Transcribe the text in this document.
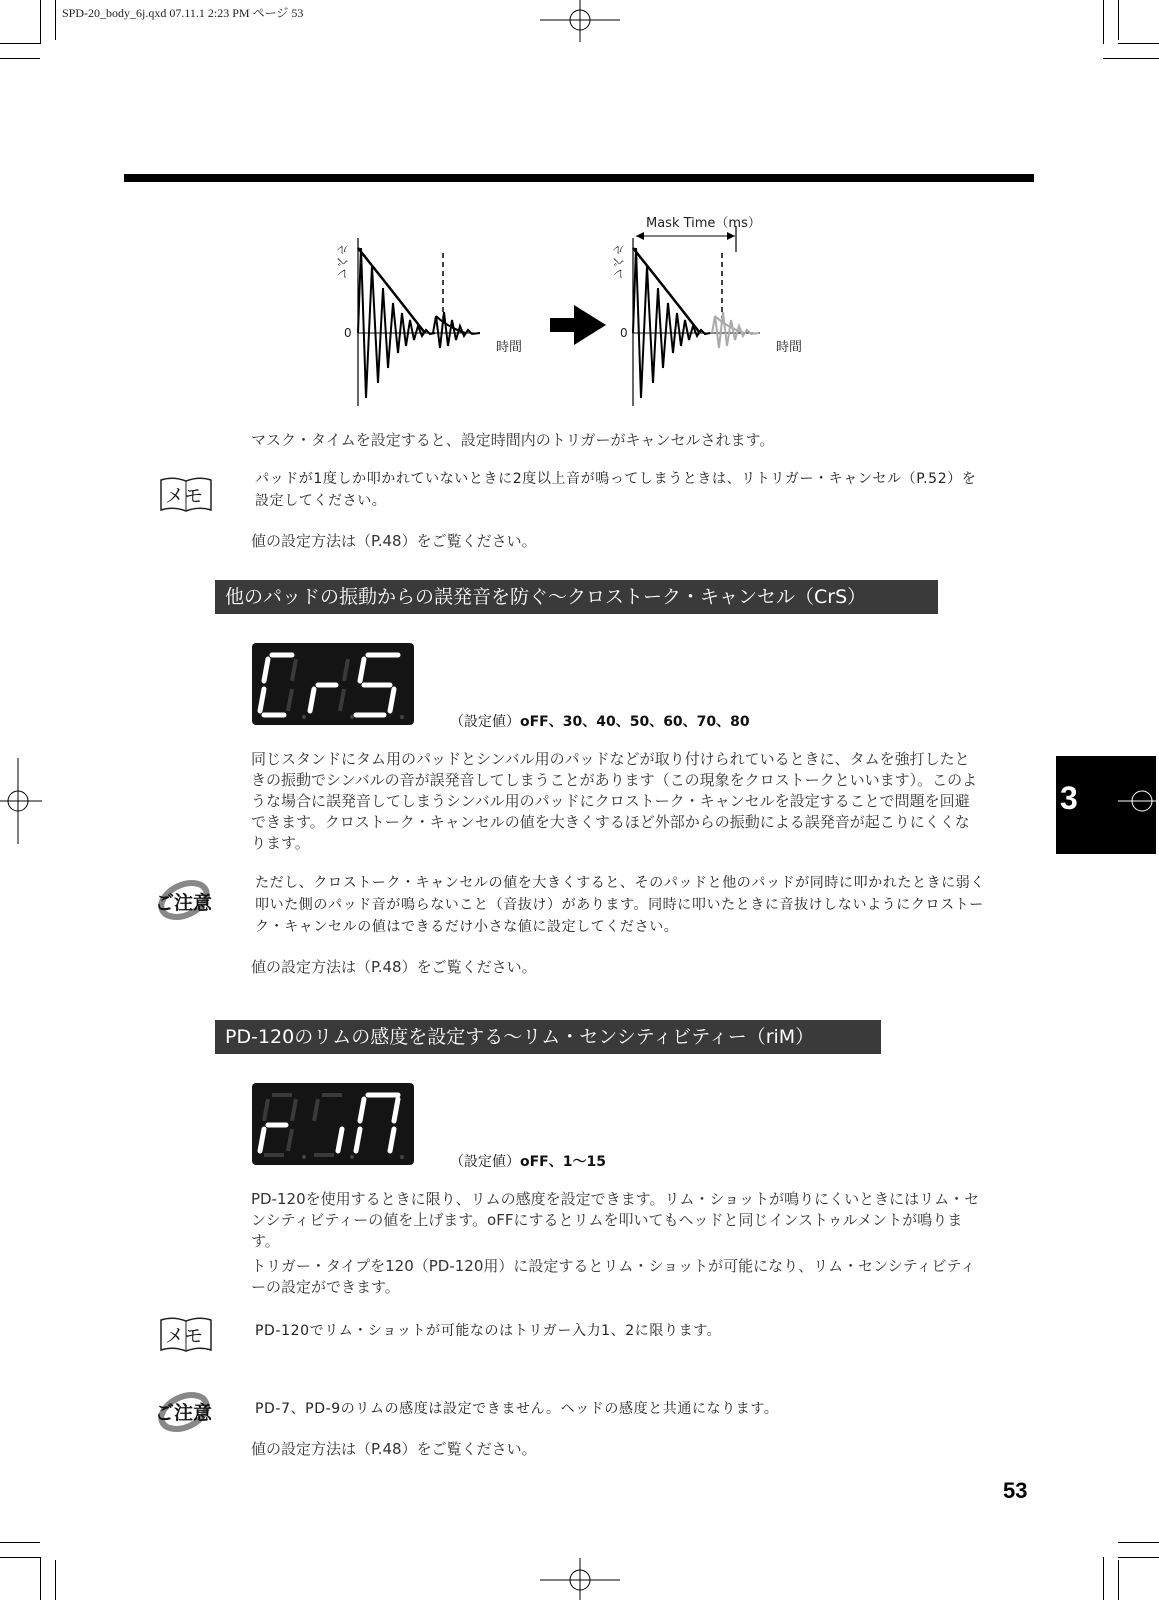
SPD-20_body_6j.qxd 07.11.1 2:23 PM ページ 53
Mask Time（ms）
レベル	レベル
0	0
時間	時間
マスク・タイムを設定すると、設定時間内のトリガーがキャンセルされます。
メモ
パッドが1度しか叩かれていないときに2度以上音が鳴ってしまうときは、リトリガー・キャンセル（P.52）を設定してください。
値の設定方法は（P.48）をご覧ください。
他のパッドの振動からの誤発音を防ぐ〜クロストーク・キャンセル（CrS）
（設定値）oFF、30、40、50、60、70、80
同じスタンドにタム用のパッドとシンバル用のパッドなどが取り付けられているときに、タムを強打したときの振動でシンバルの音が誤発音してしまうことがあります（この現象をクロストークといいます）。このような場合に誤発音してしまうシンバル用のパッドにクロストーク・キャンセルを設定することで問題を回避できます。クロストーク・キャンセルの値を大きくするほど外部からの振動による誤発音が起こりにくくなります。
ご注意
ただし、クロストーク・キャンセルの値を大きくすると、そのパッドと他のパッドが同時に叩かれたときに弱く叩いた側のパッド音が鳴らないこと（音抜け）があります。同時に叩いたときに音抜けしないようにクロストーク・キャンセルの値はできるだけ小さな値に設定してください。
値の設定方法は（P.48）をご覧ください。
PD-120のリムの感度を設定する〜リム・センシティビティー（riM）
（設定値）oFF、1〜15
PD-120を使用するときに限り、リムの感度を設定できます。リム・ショットが鳴りにくいときにはリム・センシティビティーの値を上げます。oFFにするとリムを叩いてもヘッドと同じインストゥルメントが鳴ります。
トリガー・タイプを120（PD-120用）に設定するとリム・ショットが可能になり、リム・センシティビティーの設定ができます。
メモ	PD-120でリム・ショットが可能なのはトリガー入力1、2に限ります。
ご注意	PD-7、PD-9のリムの感度は設定できません。ヘッドの感度と共通になります。
値の設定方法は（P.48）をご覧ください。
3
53
